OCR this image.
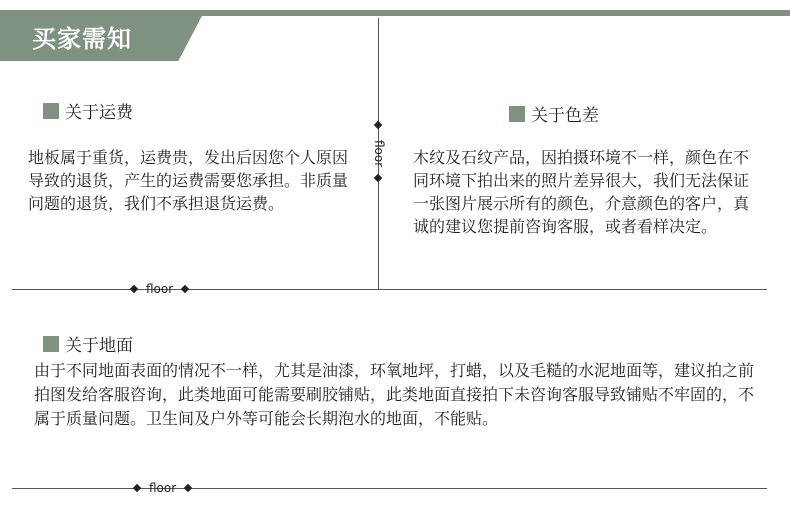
买家需知
floor
关于运费
地板属于重货，运费贵，发出后因您个人原因导致的退货，产生的运费需要您承担。非质量问题的退货，我们不承担退货运费。
关于色差
木纹及石纹产品，因拍摄环境不一样，颜色在不同环境下拍出来的照片差异很大，我们无法保证一张图片展示所有的颜色，介意颜色的客户，真诚的建议您提前咨询客服，或者看样决定。
floor
关于地面
由于不同地面表面的情况不一样，尤其是油漆，环氧地坪，打蜡，以及毛糙的水泥地面等，建议拍之前拍图发给客服咨询，此类地面可能需要刷胶铺贴，此类地面直接拍下未咨询客服导致铺贴不牢固的，不属于质量问题。卫生间及户外等可能会长期泡水的地面，不能贴。
floor
